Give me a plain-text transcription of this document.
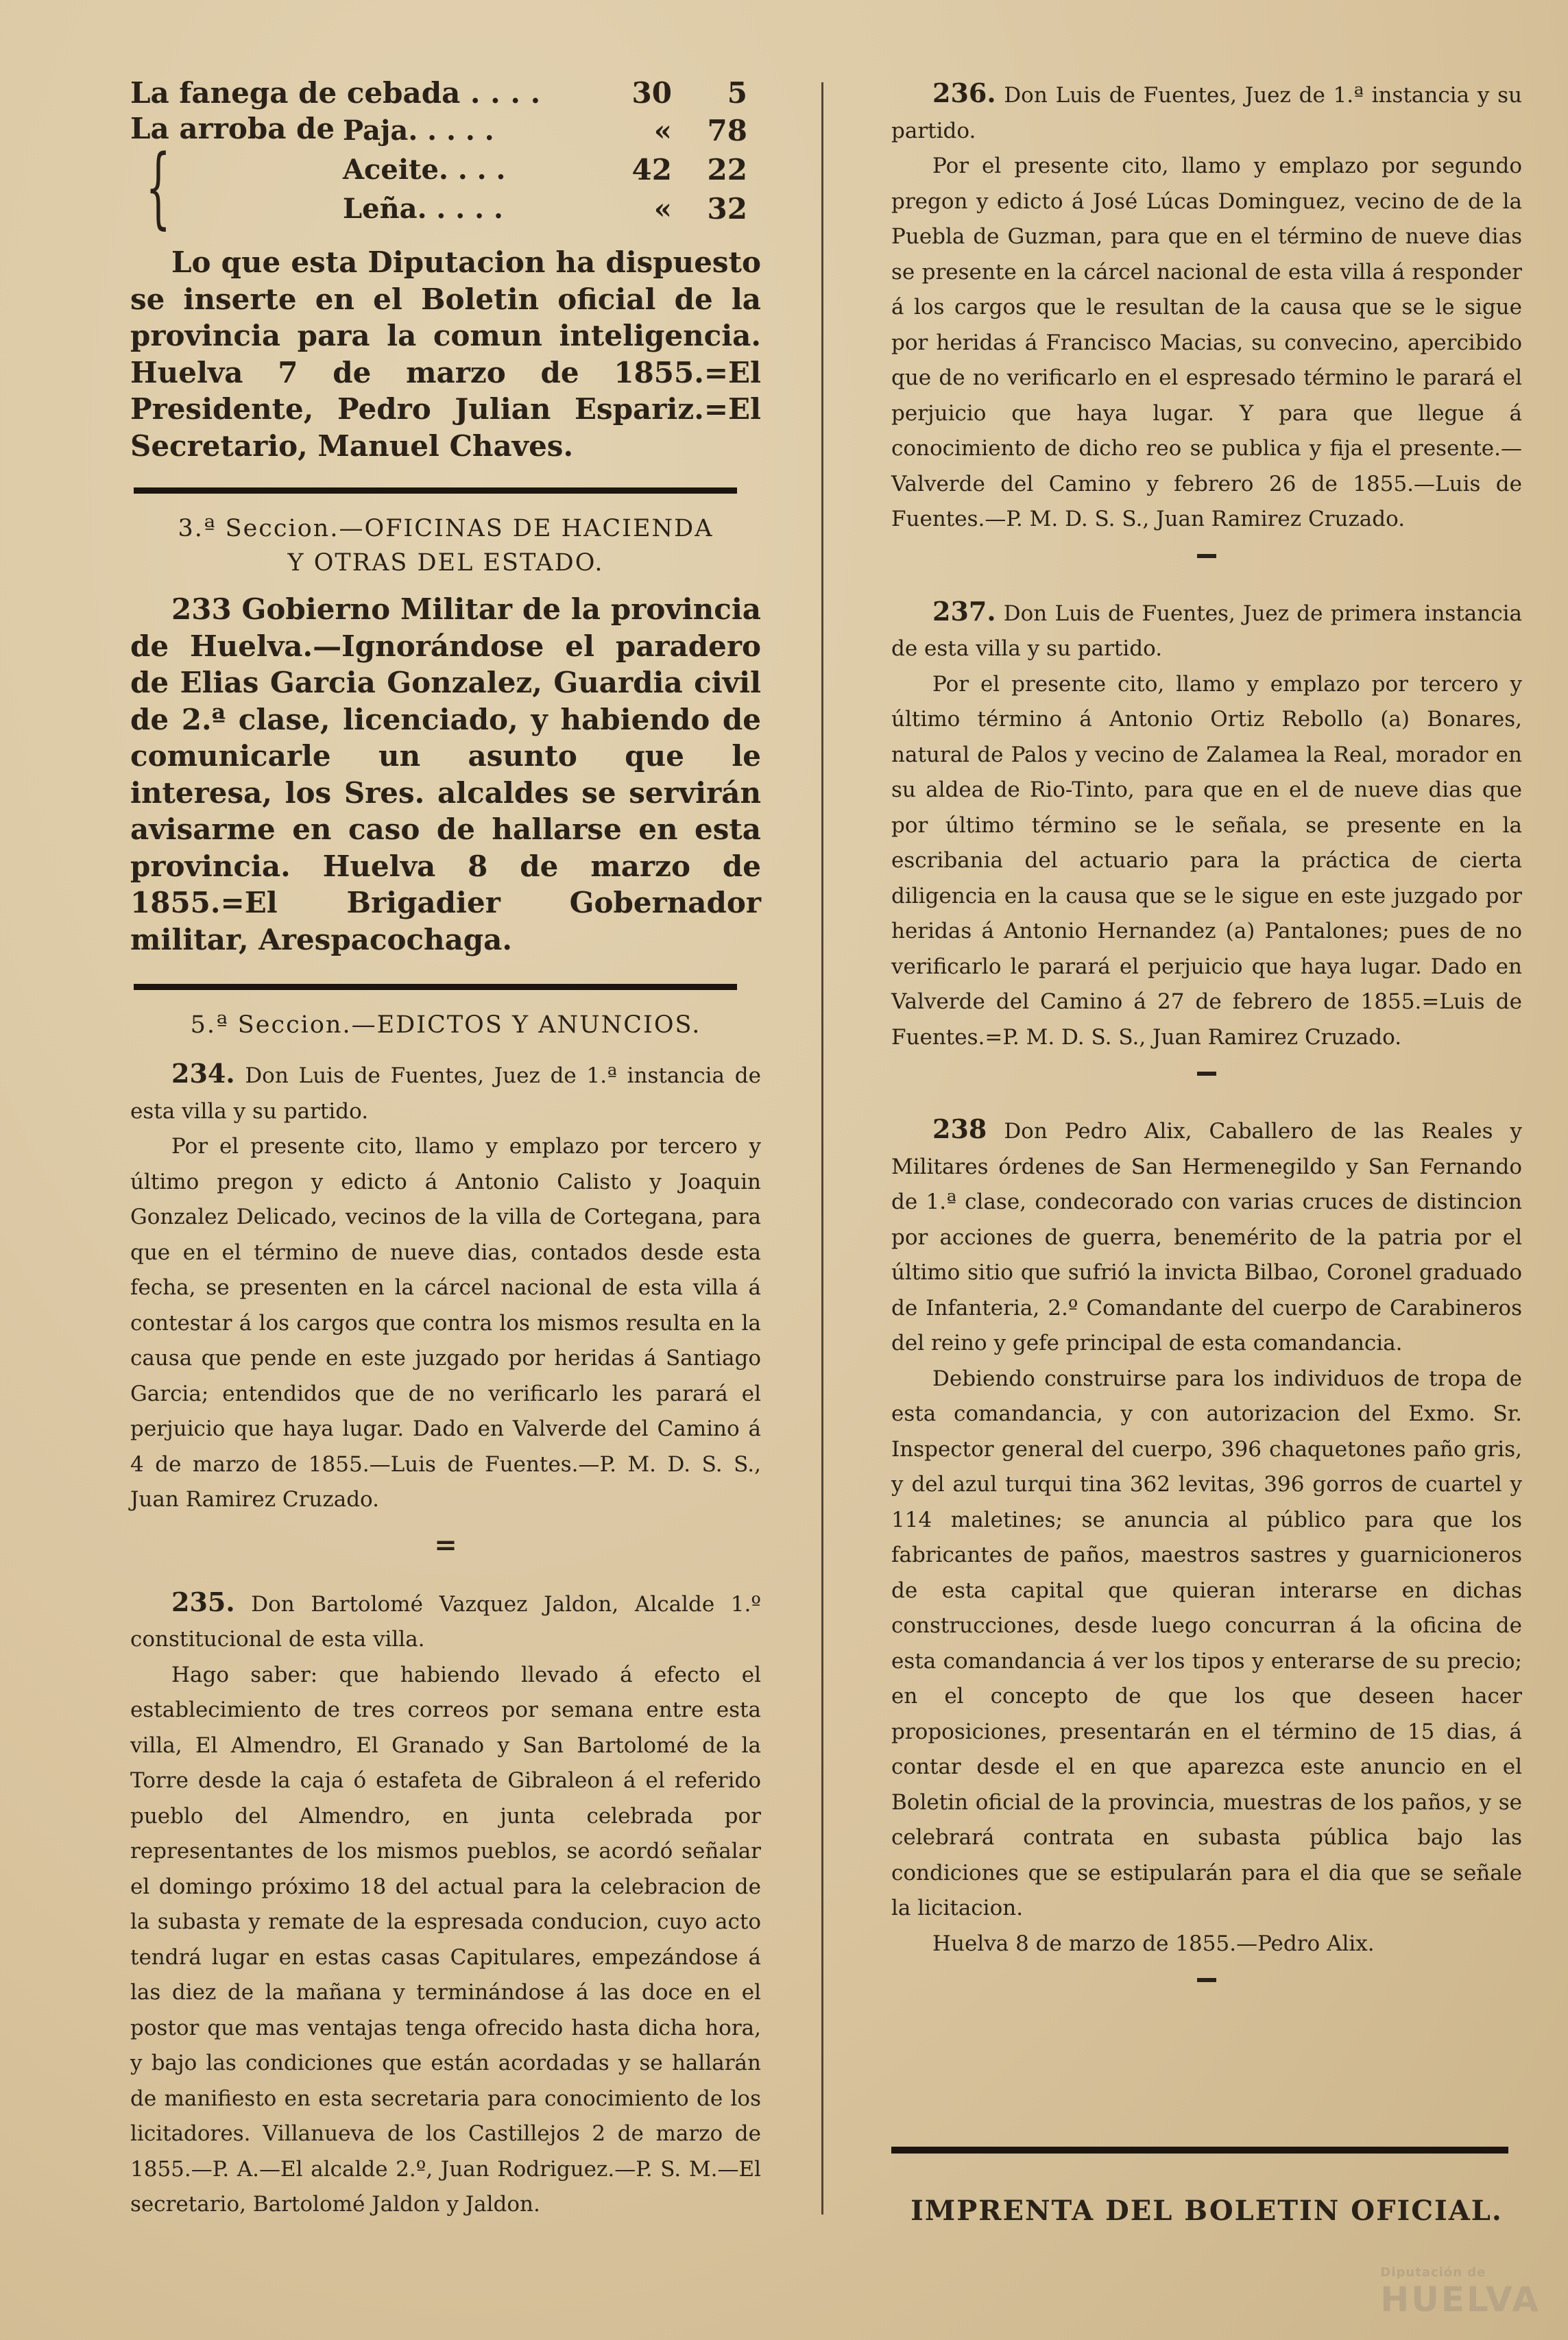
La fanega de cebada . . . .		30	5
La arroba de{	Paja. . . . .	«	78
	Aceite. . . .	42	22
	Leña. . . . .	«	32

Lo que esta Diputacion ha dispuesto se inserte en el Boletin oficial de la provincia para la comun inteligencia. Huelva 7 de marzo de 1855.=El Presidente, Pedro Julian Espariz.=El Secretario, Manuel Chaves.

3.ª Seccion.—OFICINAS DE HACIENDA
Y OTRAS DEL ESTADO.

233 Gobierno Militar de la provincia de Huelva.—Ignorándose el paradero de Elias Garcia Gonzalez, Guardia civil de 2.ª clase, licenciado, y habiendo de comunicarle un asunto que le interesa, los Sres. alcaldes se servirán avisarme en caso de hallarse en esta provincia. Huelva 8 de marzo de 1855.=El Brigadier Gobernador militar, Arespacochaga.

5.ª Seccion.—EDICTOS Y ANUNCIOS.

234. Don Luis de Fuentes, Juez de 1.ª instancia de esta villa y su partido.

Por el presente cito, llamo y emplazo por tercero y último pregon y edicto á Antonio Calisto y Joaquin Gonzalez Delicado, vecinos de la villa de Cortegana, para que en el término de nueve dias, contados desde esta fecha, se presenten en la cárcel nacional de esta villa á contestar á los cargos que contra los mismos resulta en la causa que pende en este juzgado por heridas á Santiago Garcia; entendidos que de no verificarlo les parará el perjuicio que haya lugar. Dado en Valverde del Camino á 4 de marzo de 1855.—Luis de Fuentes.—P. M. D. S. S., Juan Ramirez Cruzado.

=

235. Don Bartolomé Vazquez Jaldon, Alcalde 1.º constitucional de esta villa.

Hago saber: que habiendo llevado á efecto el establecimiento de tres correos por semana entre esta villa, El Almendro, El Granado y San Bartolomé de la Torre desde la caja ó estafeta de Gibraleon á el referido pueblo del Almendro, en junta celebrada por representantes de los mismos pueblos, se acordó señalar el domingo próximo 18 del actual para la celebracion de la subasta y remate de la espresada conducion, cuyo acto tendrá lugar en estas casas Capitulares, empezándose á las diez de la mañana y terminándose á las doce en el postor que mas ventajas tenga ofrecido hasta dicha hora, y bajo las condiciones que están acordadas y se hallarán de manifiesto en esta secretaria para conocimiento de los licitadores. Villanueva de los Castillejos 2 de marzo de 1855.—P. A.—El alcalde 2.º, Juan Rodriguez.—P. S. M.—El secretario, Bartolomé Jaldon y Jaldon.

236. Don Luis de Fuentes, Juez de 1.ª instancia y su partido.

Por el presente cito, llamo y emplazo por segundo pregon y edicto á José Lúcas Dominguez, vecino de de la Puebla de Guzman, para que en el término de nueve dias se presente en la cárcel nacional de esta villa á responder á los cargos que le resultan de la causa que se le sigue por heridas á Francisco Macias, su convecino, apercibido que de no verificarlo en el espresado término le parará el perjuicio que haya lugar. Y para que llegue á conocimiento de dicho reo se publica y fija el presente.—Valverde del Camino y febrero 26 de 1855.—Luis de Fuentes.—P. M. D. S. S., Juan Ramirez Cruzado.

237. Don Luis de Fuentes, Juez de primera instancia de esta villa y su partido.

Por el presente cito, llamo y emplazo por tercero y último término á Antonio Ortiz Rebollo (a) Bonares, natural de Palos y vecino de Zalamea la Real, morador en su aldea de Rio-Tinto, para que en el de nueve dias que por último término se le señala, se presente en la escribania del actuario para la práctica de cierta diligencia en la causa que se le sigue en este juzgado por heridas á Antonio Hernandez (a) Pantalones; pues de no verificarlo le parará el perjuicio que haya lugar. Dado en Valverde del Camino á 27 de febrero de 1855.=Luis de Fuentes.=P. M. D. S. S., Juan Ramirez Cruzado.

238 Don Pedro Alix, Caballero de las Reales y Militares órdenes de San Hermenegildo y San Fernando de 1.ª clase, condecorado con varias cruces de distincion por acciones de guerra, benemérito de la patria por el último sitio que sufrió la invicta Bilbao, Coronel graduado de Infanteria, 2.º Comandante del cuerpo de Carabineros del reino y gefe principal de esta comandancia.

Debiendo construirse para los individuos de tropa de esta comandancia, y con autorizacion del Exmo. Sr. Inspector general del cuerpo, 396 chaquetones paño gris, y del azul turqui tina 362 levitas, 396 gorros de cuartel y 114 maletines; se anuncia al público para que los fabricantes de paños, maestros sastres y guarnicioneros de esta capital que quieran interarse en dichas construcciones, desde luego concurran á la oficina de esta comandancia á ver los tipos y enterarse de su precio; en el concepto de que los que deseen hacer proposiciones, presentarán en el término de 15 dias, á contar desde el en que aparezca este anuncio en el Boletin oficial de la provincia, muestras de los paños, y se celebrará contrata en subasta pública bajo las condiciones que se estipularán para el dia que se señale la licitacion.

Huelva 8 de marzo de 1855.—Pedro Alix.

IMPRENTA DEL BOLETIN OFICIAL.
Diputación de
HUELVA
